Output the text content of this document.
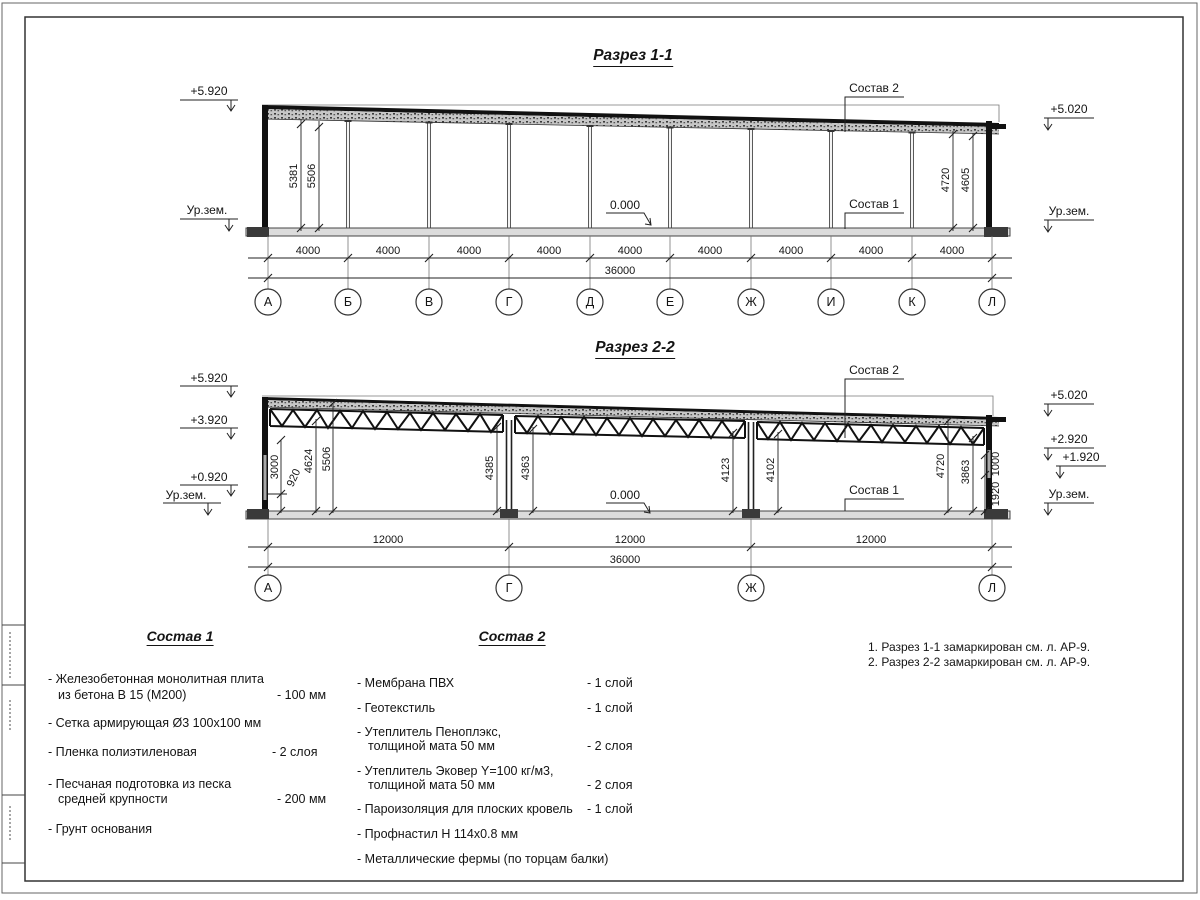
Разрез 1-1
+5.920
Ур.зем.
+5.020
Ур.зем.
0.000
Состав 2
Состав 1
5381 5506	4720 4605
4000	4000	4000	4000	4000	4000	4000	4000	4000
36000
А	Б	В	Г	Д	Е	Ж	И	К	Л
Разрез 2-2
+5.920
+3.920
+0.920
Ур.зем.
+5.020
+2.920
+1.920
Ур.зем.
0.000
Состав 2
Состав 1
3000 920
4624 5506	4385 4363	4123	4102	4720 3863 1000
1920
12000	12000	12000
36000
А	Г	Ж	Л
Состав 1
- Железобетонная монолитная плита
из бетона В 15 (М200)	- 100 мм
- Сетка армирующая Ø3 100х100 мм
- Пленка полиэтиленовая	- 2 слоя
- Песчаная подготовка из песка
средней крупности	- 200 мм
- Грунт основания
Состав 2
- Мембрана ПВХ	- 1 слой
- Геотекстиль	- 1 слой
- Утеплитель Пеноплэкс,
толщиной мата 50 мм	- 2 слоя
- Утеплитель Эковер Y=100 кг/м3,
толщиной мата 50 мм	- 2 слоя
- Пароизоляция для плоских кровель - 1 слой
- Профнастил Н 114х0.8 мм
- Металлические фермы (по торцам балки)
1. Разрез 1-1 замаркирован см. л. АР-9.
2. Разрез 2-2 замаркирован см. л. АР-9.
